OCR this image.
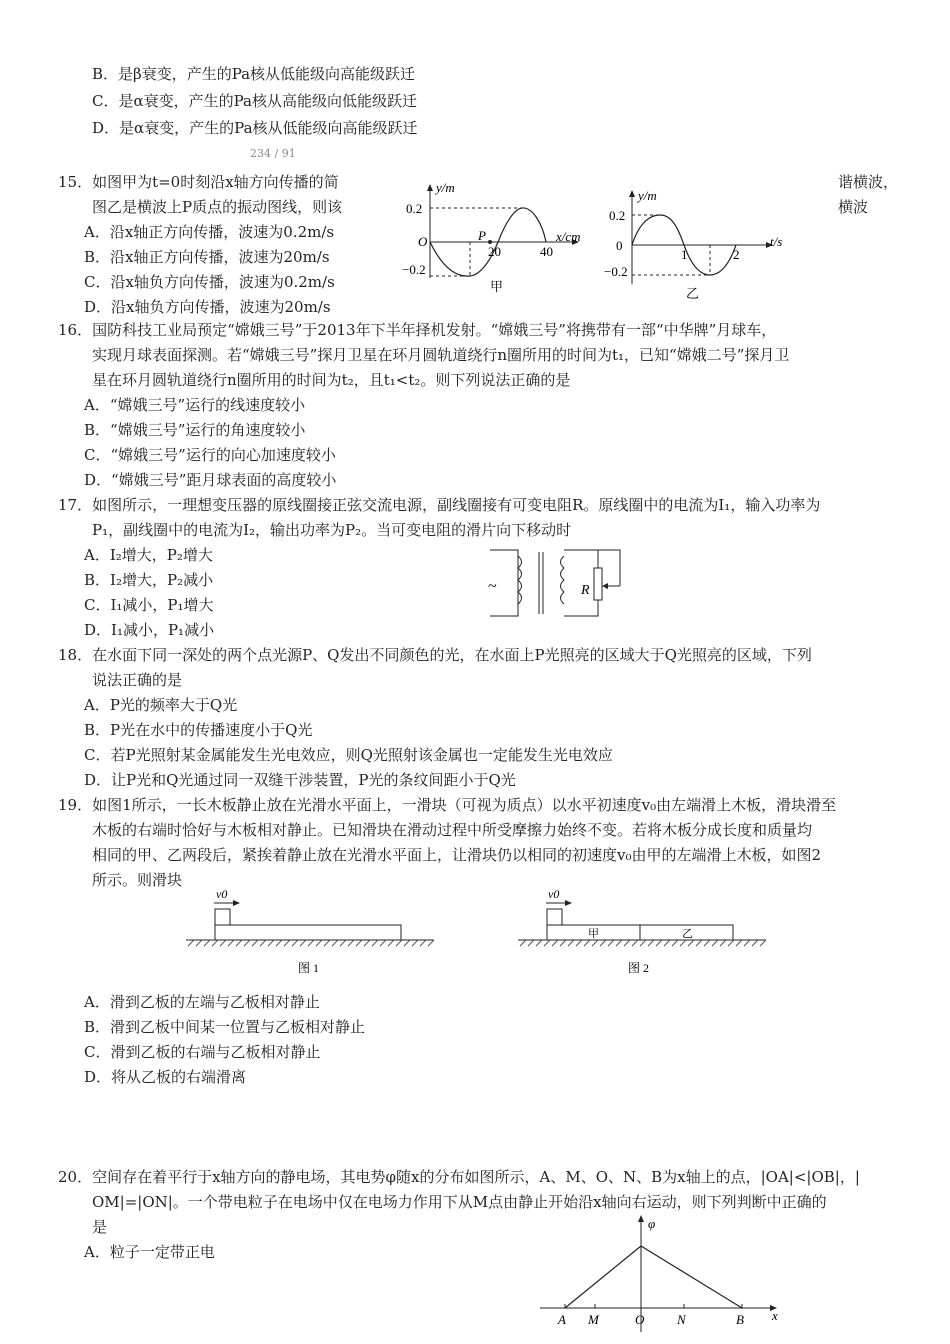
B．是β衰变，产生的Pa核从低能级向高能级跃迁
C．是α衰变，产生的Pa核从高能级向低能级跃迁
D．是α衰变，产生的Pa核从低能级向高能级跃迁
234 / 91
15．如图甲为t=0时刻沿x轴方向传播的简	谐横波，
图乙是横波上P质点的振动图线，则该	横波
A．沿x轴正方向传播，波速为0.2m/s
B．沿x轴正方向传播，波速为20m/s
C．沿x轴负方向传播，波速为0.2m/s
D．沿x轴负方向传播，波速为20m/s
y/m
x/cm
0.2
−0.2
O	P
20	40
甲
y/m
t/s
0.2
−0.2
0
1	2
乙
16．国防科技工业局预定“嫦娥三号”于2013年下半年择机发射。“嫦娥三号”将携带有一部“中华牌”月球车，
实现月球表面探测。若“嫦娥三号”探月卫星在环月圆轨道绕行n圈所用的时间为t₁，已知“嫦娥二号”探月卫
星在环月圆轨道绕行n圈所用的时间为t₂，且t₁<t₂。则下列说法正确的是
A．“嫦娥三号”运行的线速度较小
B．“嫦娥三号”运行的角速度较小
C．“嫦娥三号”运行的向心加速度较小
D．“嫦娥三号”距月球表面的高度较小
17．如图所示，一理想变压器的原线圈接正弦交流电源，副线圈接有可变电阻R。原线圈中的电流为I₁，输入功率为
P₁，副线圈中的电流为I₂，输出功率为P₂。当可变电阻的滑片向下移动时
A．I₂增大，P₂增大
B．I₂增大，P₂减小
C．I₁减小，P₁增大
D．I₁减小，P₁减小
~	R
18．在水面下同一深处的两个点光源P、Q发出不同颜色的光，在水面上P光照亮的区域大于Q光照亮的区域，下列
说法正确的是
A．P光的频率大于Q光
B．P光在水中的传播速度小于Q光
C．若P光照射某金属能发生光电效应，则Q光照射该金属也一定能发生光电效应
D．让P光和Q光通过同一双缝干涉装置，P光的条纹间距小于Q光
19．如图1所示，一长木板静止放在光滑水平面上，一滑块（可视为质点）以水平初速度v₀由左端滑上木板，滑块滑至
木板的右端时恰好与木板相对静止。已知滑块在滑动过程中所受摩擦力始终不变。若将木板分成长度和质量均
相同的甲、乙两段后，紧挨着静止放在光滑水平面上，让滑块仍以相同的初速度v₀由甲的左端滑上木板，如图2
所示。则滑块
v0
图 1
v0
甲	乙
图 2
A．滑到乙板的左端与乙板相对静止
B．滑到乙板中间某一位置与乙板相对静止
C．滑到乙板的右端与乙板相对静止
D．将从乙板的右端滑离
20．空间存在着平行于x轴方向的静电场，其电势φ随x的分布如图所示，A、M、O、N、B为x轴上的点，|OA|<|OB|，|
OM|=|ON|。一个带电粒子在电场中仅在电场力作用下从M点由静止开始沿x轴向右运动，则下列判断中正确的
是
A．粒子一定带正电
φ
x
A M	O	N	B
